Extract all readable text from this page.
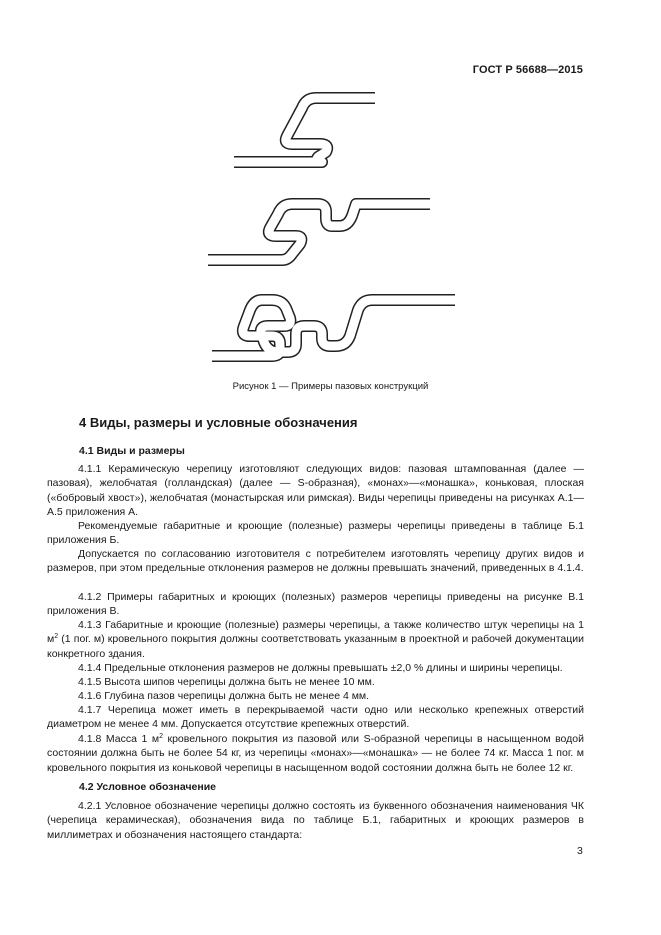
ГОСТ Р 56688—2015
Рисунок 1 — Примеры пазовых конструкций
4 Виды, размеры и условные обозначения
4.1 Виды и размеры
4.1.1 Керамическую черепицу изготовляют следующих видов: пазовая штампованная (далее — пазовая), желобчатая (голландская) (далее — S-образная), «монах»—«монашка», коньковая, плоская («бобровый хвост»), желобчатая (монастырская или римская). Виды черепицы приведены на рисунках А.1—А.5 приложения А.
Рекомендуемые габаритные и кроющие (полезные) размеры черепицы приведены в таблице Б.1 приложения Б.
Допускается по согласованию изготовителя с потребителем изготовлять черепицу других видов и размеров, при этом предельные отклонения размеров не должны превышать значений, приведенных в 4.1.4.
4.1.2 Примеры габаритных и кроющих (полезных) размеров черепицы приведены на рисунке В.1 приложения В.
4.1.3 Габаритные и кроющие (полезные) размеры черепицы, а также количество штук черепицы на 1 $м^2$ (1 пог. м) кровельного покрытия должны соответствовать указанным в проектной и рабочей документации конкретного здания.
4.1.4 Предельные отклонения размеров не должны превышать ±2,0 % длины и ширины черепицы.
4.1.5 Высота шипов черепицы должна быть не менее 10 мм.
4.1.6 Глубина пазов черепицы должна быть не менее 4 мм.
4.1.7 Черепица может иметь в перекрываемой части одно или несколько крепежных отверстий диаметром не менее 4 мм. Допускается отсутствие крепежных отверстий.
4.1.8 Масса 1 $м^2$ кровельного покрытия из пазовой или S-образной черепицы в насыщенном водой состоянии должна быть не более 54 кг, из черепицы «монах»—«монашка» — не более 74 кг. Масса 1 пог. м кровельного покрытия из коньковой черепицы в насыщенном водой состоянии должна быть не более 12 кг.
4.2 Условное обозначение
4.2.1 Условное обозначение черепицы должно состоять из буквенного обозначения наименования ЧК (черепица керамическая), обозначения вида по таблице Б.1, габаритных и кроющих размеров в миллиметрах и обозначения настоящего стандарта:
3
